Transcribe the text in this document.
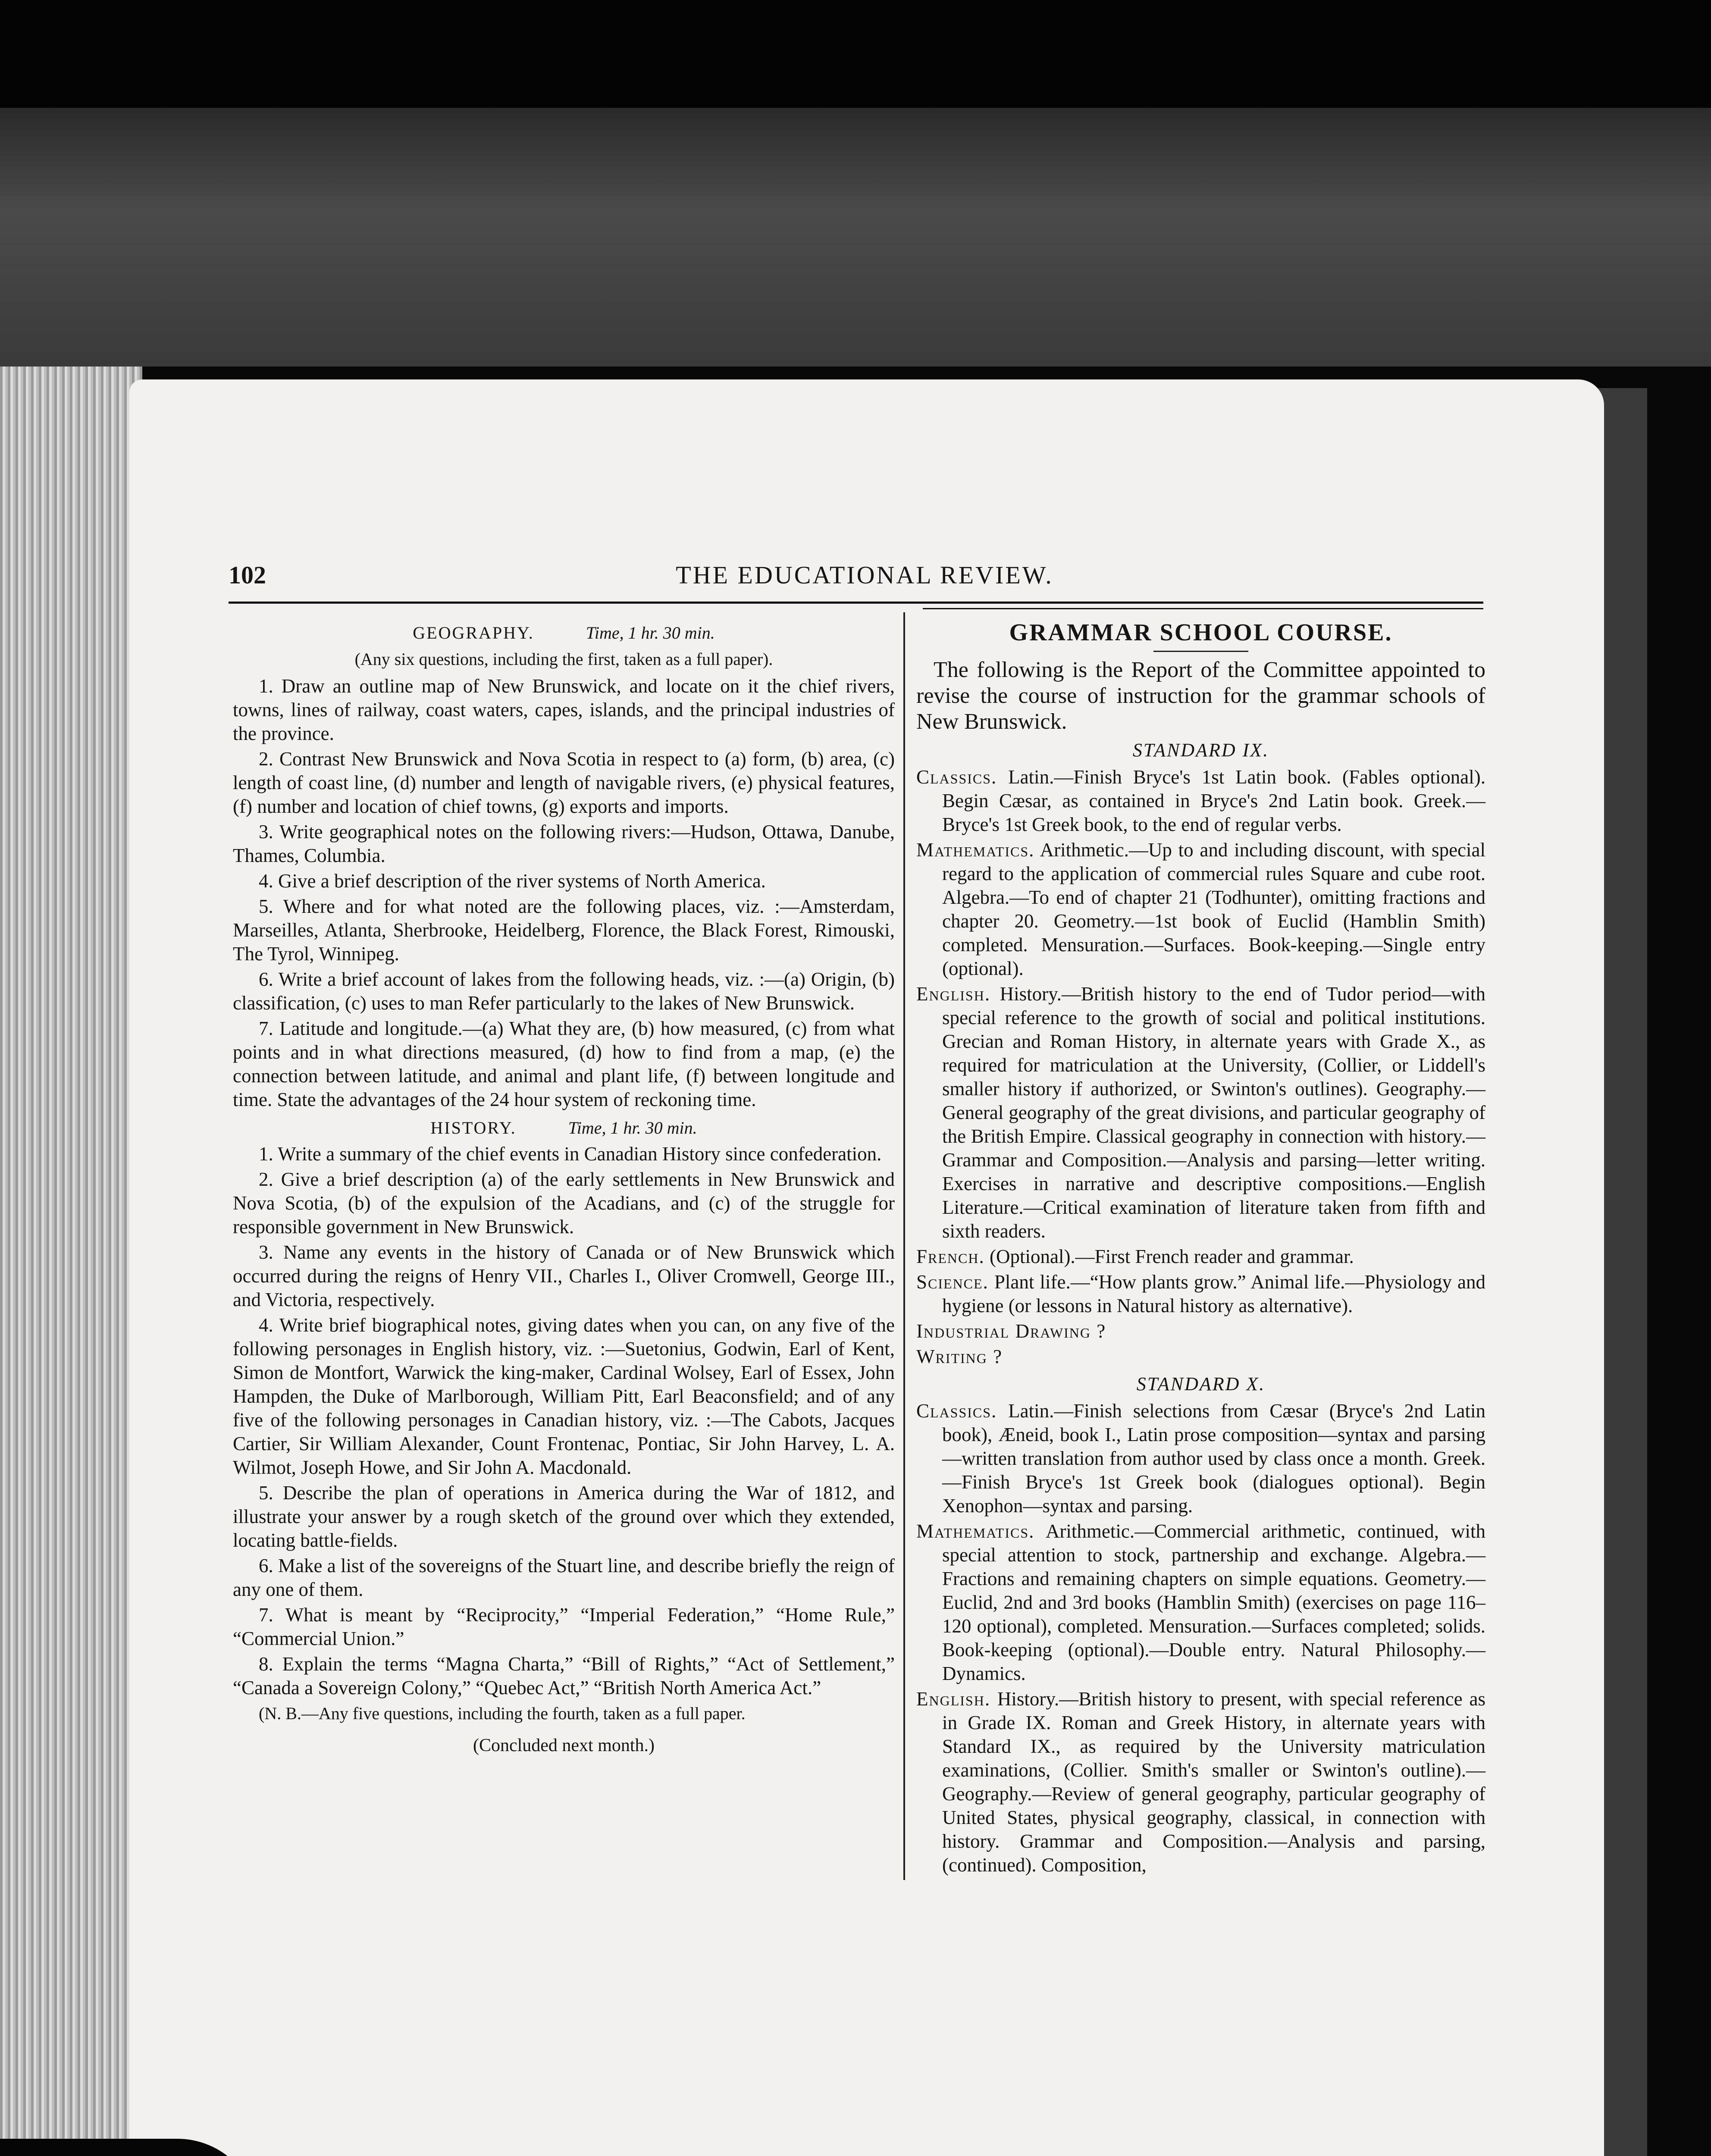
102	THE EDUCATIONAL REVIEW.
GEOGRAPHY.	Time, 1 hr. 30 min.
(Any six questions, including the first, taken as a full paper).

1. Draw an outline map of New Brunswick, and locate on it the chief rivers, towns, lines of railway, coast waters, capes, islands, and the principal industries of the province.

2. Contrast New Brunswick and Nova Scotia in respect to (a) form, (b) area, (c) length of coast line, (d) number and length of navigable rivers, (e) physical features, (f) number and location of chief towns, (g) exports and imports.

3. Write geographical notes on the following rivers:—Hudson, Ottawa, Danube, Thames, Columbia.

4. Give a brief description of the river systems of North America.

5. Where and for what noted are the following places, viz. :—Amsterdam, Marseilles, Atlanta, Sherbrooke, Heidelberg, Florence, the Black Forest, Rimouski, The Tyrol, Winnipeg.

6. Write a brief account of lakes from the following heads, viz. :—(a) Origin, (b) classification, (c) uses to man Refer particularly to the lakes of New Brunswick.

7. Latitude and longitude.—(a) What they are, (b) how measured, (c) from what points and in what directions measured, (d) how to find from a map, (e) the connection between latitude, and animal and plant life, (f) between longitude and time. State the advantages of the 24 hour system of reckoning time.

HISTORY.	Time, 1 hr. 30 min.

1. Write a summary of the chief events in Canadian History since confederation.

2. Give a brief description (a) of the early settlements in New Brunswick and Nova Scotia, (b) of the expulsion of the Acadians, and (c) of the struggle for responsible government in New Brunswick.

3. Name any events in the history of Canada or of New Brunswick which occurred during the reigns of Henry VII., Charles I., Oliver Cromwell, George III., and Victoria, respectively.

4. Write brief biographical notes, giving dates when you can, on any five of the following personages in English history, viz. :—Suetonius, Godwin, Earl of Kent, Simon de Montfort, Warwick the king-maker, Cardinal Wolsey, Earl of Essex, John Hampden, the Duke of Marlborough, William Pitt, Earl Beaconsfield; and of any five of the following personages in Canadian history, viz. :—The Cabots, Jacques Cartier, Sir William Alexander, Count Frontenac, Pontiac, Sir John Harvey, L. A. Wilmot, Joseph Howe, and Sir John A. Macdonald.

5. Describe the plan of operations in America during the War of 1812, and illustrate your answer by a rough sketch of the ground over which they extended, locating battle-fields.

6. Make a list of the sovereigns of the Stuart line, and describe briefly the reign of any one of them.

7. What is meant by “Reciprocity,” “Imperial Federation,” “Home Rule,” “Commercial Union.”

8. Explain the terms “Magna Charta,” “Bill of Rights,” “Act of Settlement,” “Canada a Sovereign Colony,” “Quebec Act,” “British North America Act.”

(N. B.—Any five questions, including the fourth, taken as a full paper.

(Concluded next month.)
GRAMMAR SCHOOL COURSE.

The following is the Report of the Committee appointed to revise the course of instruction for the grammar schools of New Brunswick.

STANDARD IX.

Classics. Latin.—Finish Bryce's 1st Latin book. (Fables optional). Begin Cæsar, as contained in Bryce's 2nd Latin book. Greek.—Bryce's 1st Greek book, to the end of regular verbs.

Mathematics. Arithmetic.—Up to and including discount, with special regard to the application of commercial rules Square and cube root. Algebra.—To end of chapter 21 (Todhunter), omitting fractions and chapter 20. Geometry.—1st book of Euclid (Hamblin Smith) completed. Mensuration.—Surfaces. Book-keeping.—Single entry (optional).

English. History.—British history to the end of Tudor period—with special reference to the growth of social and political institutions. Grecian and Roman History, in alternate years with Grade X., as required for matriculation at the University, (Collier, or Liddell's smaller history if authorized, or Swinton's outlines). Geography.—General geography of the great divisions, and particular geography of the British Empire. Classical geography in connection with history.—Grammar and Composition.—Analysis and parsing—letter writing. Exercises in narrative and descriptive compositions.—English Literature.—Critical examination of literature taken from fifth and sixth readers.

French. (Optional).—First French reader and grammar.

Science. Plant life.—“How plants grow.” Animal life.—Physiology and hygiene (or lessons in Natural history as alternative).

Industrial Drawing ?

Writing ?

STANDARD X.

Classics. Latin.—Finish selections from Cæsar (Bryce's 2nd Latin book), Æneid, book I., Latin prose composition—syntax and parsing—written translation from author used by class once a month. Greek.—Finish Bryce's 1st Greek book (dialogues optional). Begin Xenophon—syntax and parsing.

Mathematics. Arithmetic.—Commercial arithmetic, continued, with special attention to stock, partnership and exchange. Algebra.—Fractions and remaining chapters on simple equations. Geometry.—Euclid, 2nd and 3rd books (Hamblin Smith) (exercises on page 116–120 optional), completed. Mensuration.—Surfaces completed; solids. Book-keeping (optional).—Double entry. Natural Philosophy.—Dynamics.

English. History.—British history to present, with special reference as in Grade IX. Roman and Greek History, in alternate years with Standard IX., as required by the University matriculation examinations, (Collier. Smith's smaller or Swinton's outline).—Geography.—Review of general geography, particular geography of United States, physical geography, classical, in connection with history. Grammar and Composition.—Analysis and parsing, (continued). Composition,
